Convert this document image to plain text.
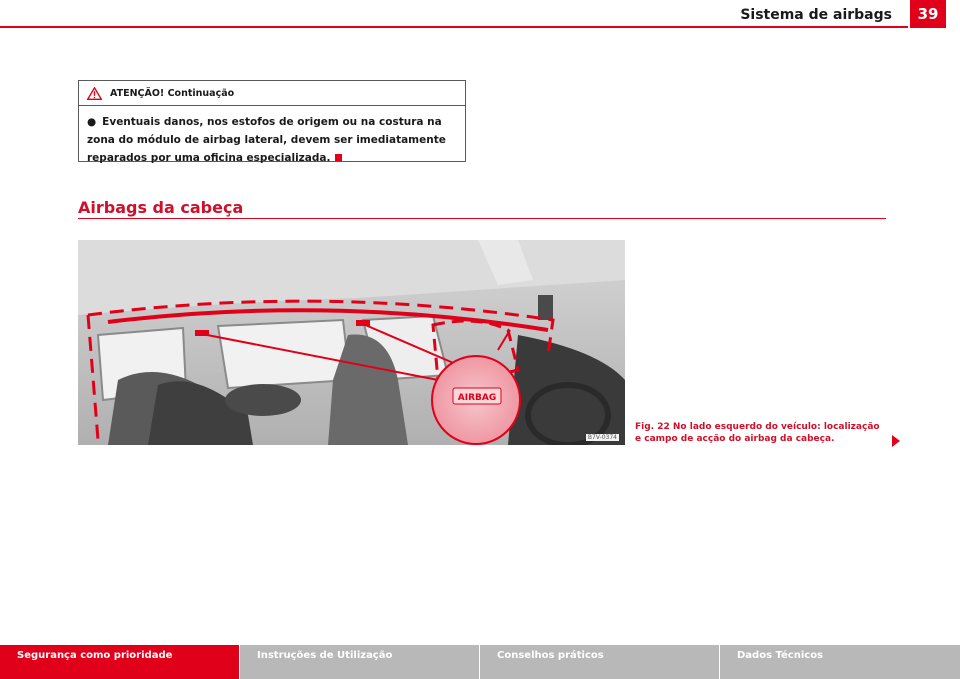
Sistema de airbags	39
ATENÇÃO! Continuação
● Eventuais danos, nos estofos de origem ou na costura na zona do módulo de airbag lateral, devem ser imediatamente reparados por uma oficina especializada.
Airbags da cabeça
AIRBAG
B7V-0374
Fig. 22 No lado esquerdo do veículo: localização e campo de acção do airbag da cabeça.
Segurança como prioridade	Instruções de Utilização	Conselhos práticos	Dados Técnicos
